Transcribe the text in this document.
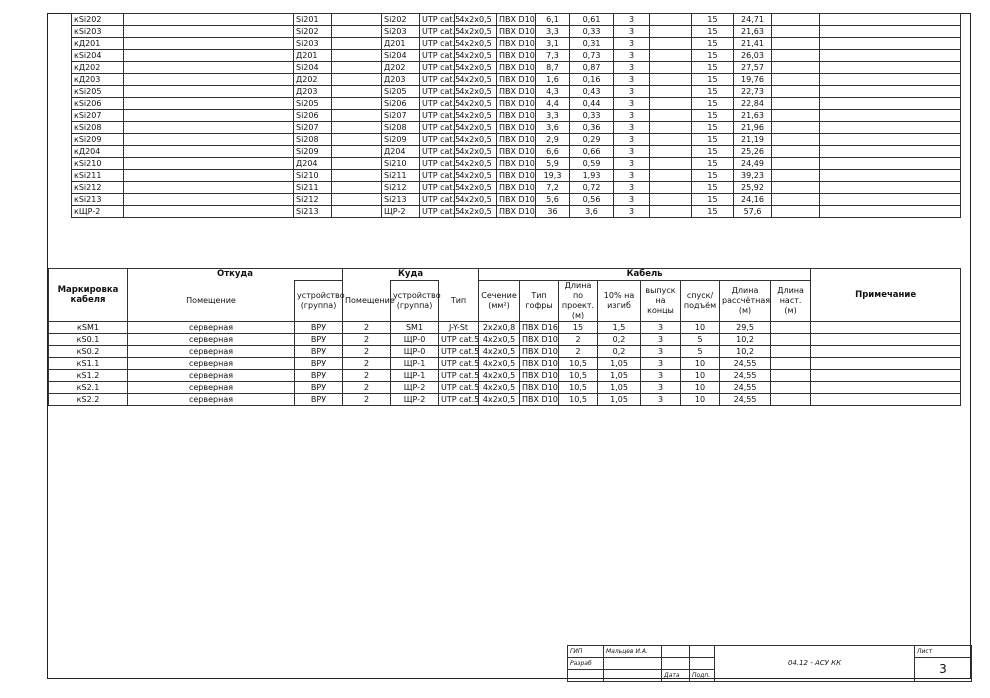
кSi202		Si201		Si202	UTP cat.5	4x2x0,5	ПВХ D10	6,1	0,61	3		15	24,71		
кSi203		Si202		Si203	UTP cat.5	4x2x0,5	ПВХ D10	3,3	0,33	3		15	21,63		
кД201		Si203		Д201	UTP cat.5	4x2x0,5	ПВХ D10	3,1	0,31	3		15	21,41		
кSi204		Д201		Si204	UTP cat.5	4x2x0,5	ПВХ D10	7,3	0,73	3		15	26,03		
кД202		Si204		Д202	UTP cat.5	4x2x0,5	ПВХ D10	8,7	0,87	3		15	27,57		
кД203		Д202		Д203	UTP cat.5	4x2x0,5	ПВХ D10	1,6	0,16	3		15	19,76		
кSi205		Д203		Si205	UTP cat.5	4x2x0,5	ПВХ D10	4,3	0,43	3		15	22,73		
кSi206		Si205		Si206	UTP cat.5	4x2x0,5	ПВХ D10	4,4	0,44	3		15	22,84		
кSi207		Si206		Si207	UTP cat.5	4x2x0,5	ПВХ D10	3,3	0,33	3		15	21,63		
кSi208		Si207		Si208	UTP cat.5	4x2x0,5	ПВХ D10	3,6	0,36	3		15	21,96		
кSi209		Si208		Si209	UTP cat.5	4x2x0,5	ПВХ D10	2,9	0,29	3		15	21,19		
кД204		Si209		Д204	UTP cat.5	4x2x0,5	ПВХ D10	6,6	0,66	3		15	25,26		
кSi210		Д204		Si210	UTP cat.5	4x2x0,5	ПВХ D10	5,9	0,59	3		15	24,49		
кSi211		Si210		Si211	UTP cat.5	4x2x0,5	ПВХ D10	19,3	1,93	3		15	39,23		
кSi212		Si211		Si212	UTP cat.5	4x2x0,5	ПВХ D10	7,2	0,72	3		15	25,92		
кSi213		Si212		Si213	UTP cat.5	4x2x0,5	ПВХ D10	5,6	0,56	3		15	24,16		
кЩР-2		Si213		ЩР-2	UTP cat.5	4x2x0,5	ПВХ D10	36	3,6	3		15	57,6		
Маркировка кабеля	Откуда		Куда			Кабель								Примечание
	Помещение	устройство (группа)	Помещение	устройство (группа)	Тип	Сечение (мм²)	Тип гофры	Длина по проект. (м)	10% на изгиб	выпуск на концы	спуск/подъём	Длина рассчётная (м)	Длина наст. (м)	
кSM1	серверная	ВРУ	2	SM1	J-Y-St	2x2x0,8	ПВХ D16	15	1,5	3	10	29,5		
кS0.1	серверная	ВРУ	2	ЩР-0	UTP cat.5	4x2x0,5	ПВХ D10	2	0,2	3	5	10,2		
кS0.2	серверная	ВРУ	2	ЩР-0	UTP cat.5	4x2x0,5	ПВХ D10	2	0,2	3	5	10,2		
кS1.1	серверная	ВРУ	2	ЩР-1	UTP cat.5	4x2x0,5	ПВХ D10	10,5	1,05	3	10	24,55		
кS1.2	серверная	ВРУ	2	ЩР-1	UTP cat.5	4x2x0,5	ПВХ D10	10,5	1,05	3	10	24,55		
кS2.1	серверная	ВРУ	2	ЩР-2	UTP cat.5	4x2x0,5	ПВХ D10	10,5	1,05	3	10	24,55		
кS2.2	серверная	ВРУ	2	ЩР-2	UTP cat.5	4x2x0,5	ПВХ D10	10,5	1,05	3	10	24,55		
ГИП	Мальцев И.А.			04.12 - АСУ КК	Лист
Разраб					3
		Дата	Подп.		
